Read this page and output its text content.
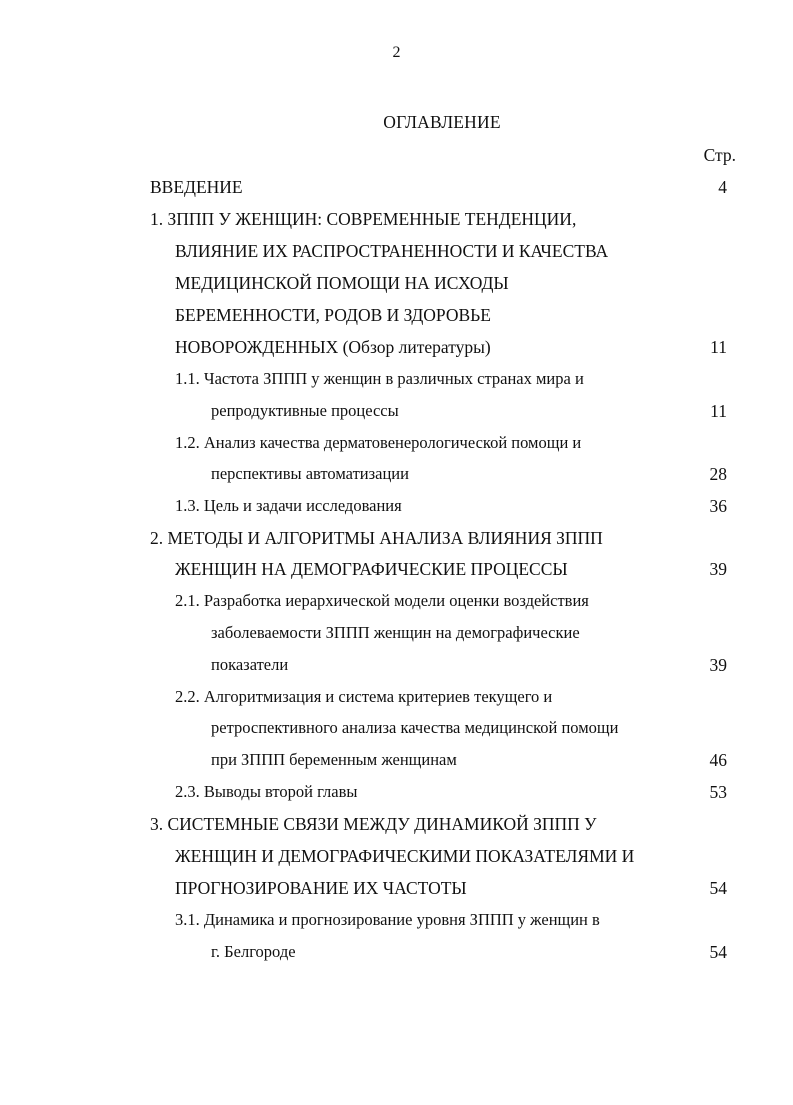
2
ОГЛАВЛЕНИЕ
Стр.
ВВЕДЕНИЕ	4
1. ЗППП У ЖЕНЩИН: СОВРЕМЕННЫЕ ТЕНДЕНЦИИ,
ВЛИЯНИЕ ИХ РАСПРОСТРАНЕННОСТИ И КАЧЕСТВА
МЕДИЦИНСКОЙ ПОМОЩИ НА ИСХОДЫ
БЕРЕМЕННОСТИ, РОДОВ И ЗДОРОВЬЕ
НОВОРОЖДЕННЫХ (Обзор литературы)	11
1.1. Частота ЗППП у женщин в различных странах мира и
репродуктивные процессы	11
1.2. Анализ качества дерматовенерологической помощи и
перспективы автоматизации	28
1.3. Цель и задачи исследования	36
2. МЕТОДЫ И АЛГОРИТМЫ АНАЛИЗА ВЛИЯНИЯ ЗППП
ЖЕНЩИН НА ДЕМОГРАФИЧЕСКИЕ ПРОЦЕССЫ	39
2.1. Разработка иерархической модели оценки воздействия
заболеваемости ЗППП женщин на демографические
показатели	39
2.2. Алгоритмизация и система критериев текущего и
ретроспективного анализа качества медицинской помощи
при ЗППП беременным женщинам	46
2.3. Выводы второй главы	53
3. СИСТЕМНЫЕ СВЯЗИ МЕЖДУ ДИНАМИКОЙ ЗППП У
ЖЕНЩИН И ДЕМОГРАФИЧЕСКИМИ ПОКАЗАТЕЛЯМИ И
ПРОГНОЗИРОВАНИЕ ИХ ЧАСТОТЫ	54
3.1. Динамика и прогнозирование уровня ЗППП у женщин в
г. Белгороде	54
